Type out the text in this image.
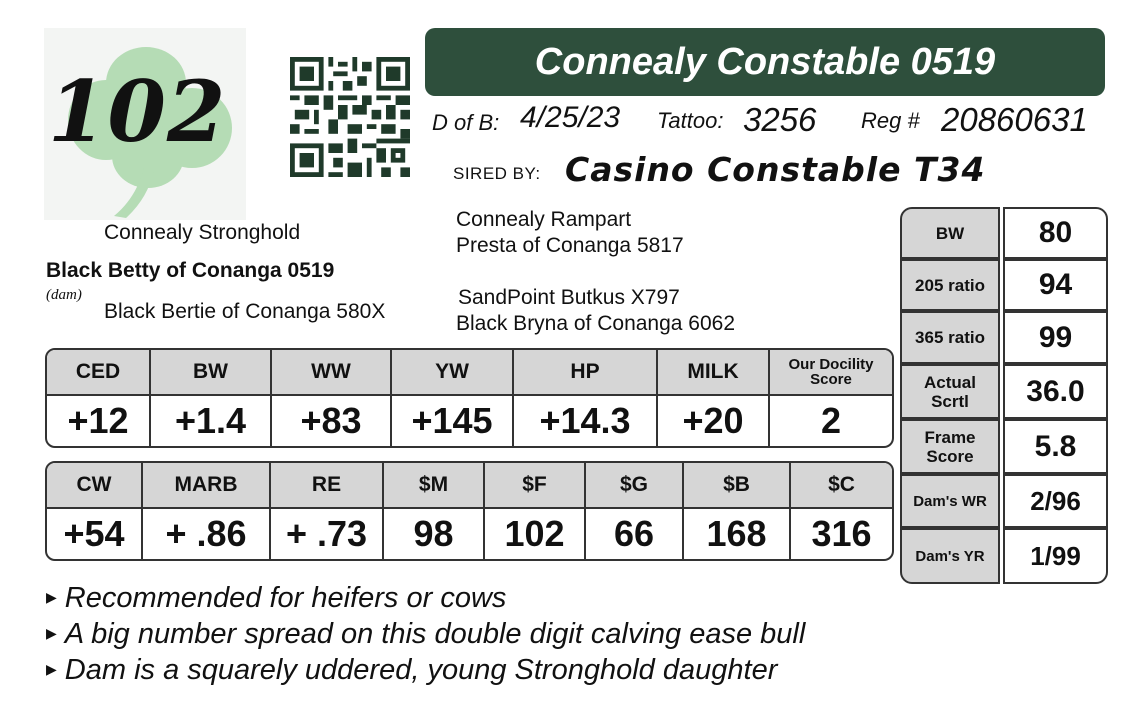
102
Connealy Constable 0519
D of B: 4/25/23 Tattoo: 3256 Reg # 20860631
SIRED BY: Casino Constable T34
Connealy Stronghold
Black Betty of Conanga 0519
(dam)
Black Bertie of Conanga 580X
Connealy Rampart
Presta of Conanga 5817
SandPoint Butkus X797
Black Bryna of Conanga 6062
CED	BW	WW	YW	HP	MILK	Our Docility Score
+12	+1.4	+83	+145	+14.3	+20	2
CW	MARB	RE	$M	$F	$G	$B	$C
+54	+ .86	+ .73	98	102	66	168	316
BW	80
205 ratio	94
365 ratio	99
Actual Scrtl	36.0
Frame Score	5.8
Dam's WR	2/96
Dam's YR	1/99
▶ Recommended for heifers or cows
▶ A big number spread on this double digit calving ease bull
▶ Dam is a squarely uddered, young Stronghold daughter
